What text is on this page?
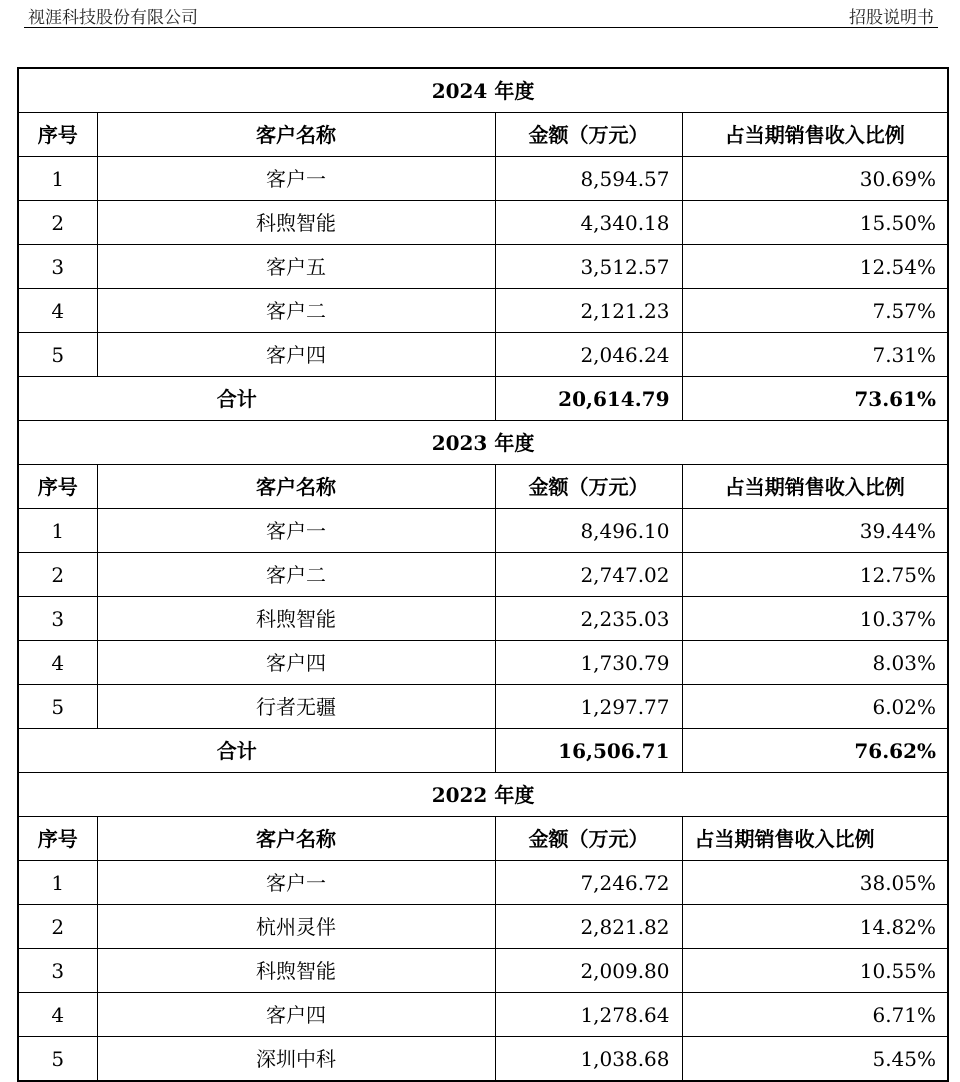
视涯科技股份有限公司	招股说明书
2024 年度			
序号	客户名称	金额（万元）	占当期销售收入比例
1	客户一	8,594.57	30.69%
2	科煦智能	4,340.18	15.50%
3	客户五	3,512.57	12.54%
4	客户二	2,121.23	7.57%
5	客户四	2,046.24	7.31%
合计		20,614.79	73.61%
2023 年度			
序号	客户名称	金额（万元）	占当期销售收入比例
1	客户一	8,496.10	39.44%
2	客户二	2,747.02	12.75%
3	科煦智能	2,235.03	10.37%
4	客户四	1,730.79	8.03%
5	行者无疆	1,297.77	6.02%
合计		16,506.71	76.62%
2022 年度			
序号	客户名称	金额（万元）	占当期销售收入比例
1	客户一	7,246.72	38.05%
2	杭州灵伴	2,821.82	14.82%
3	科煦智能	2,009.80	10.55%
4	客户四	1,278.64	6.71%
5	深圳中科	1,038.68	5.45%
